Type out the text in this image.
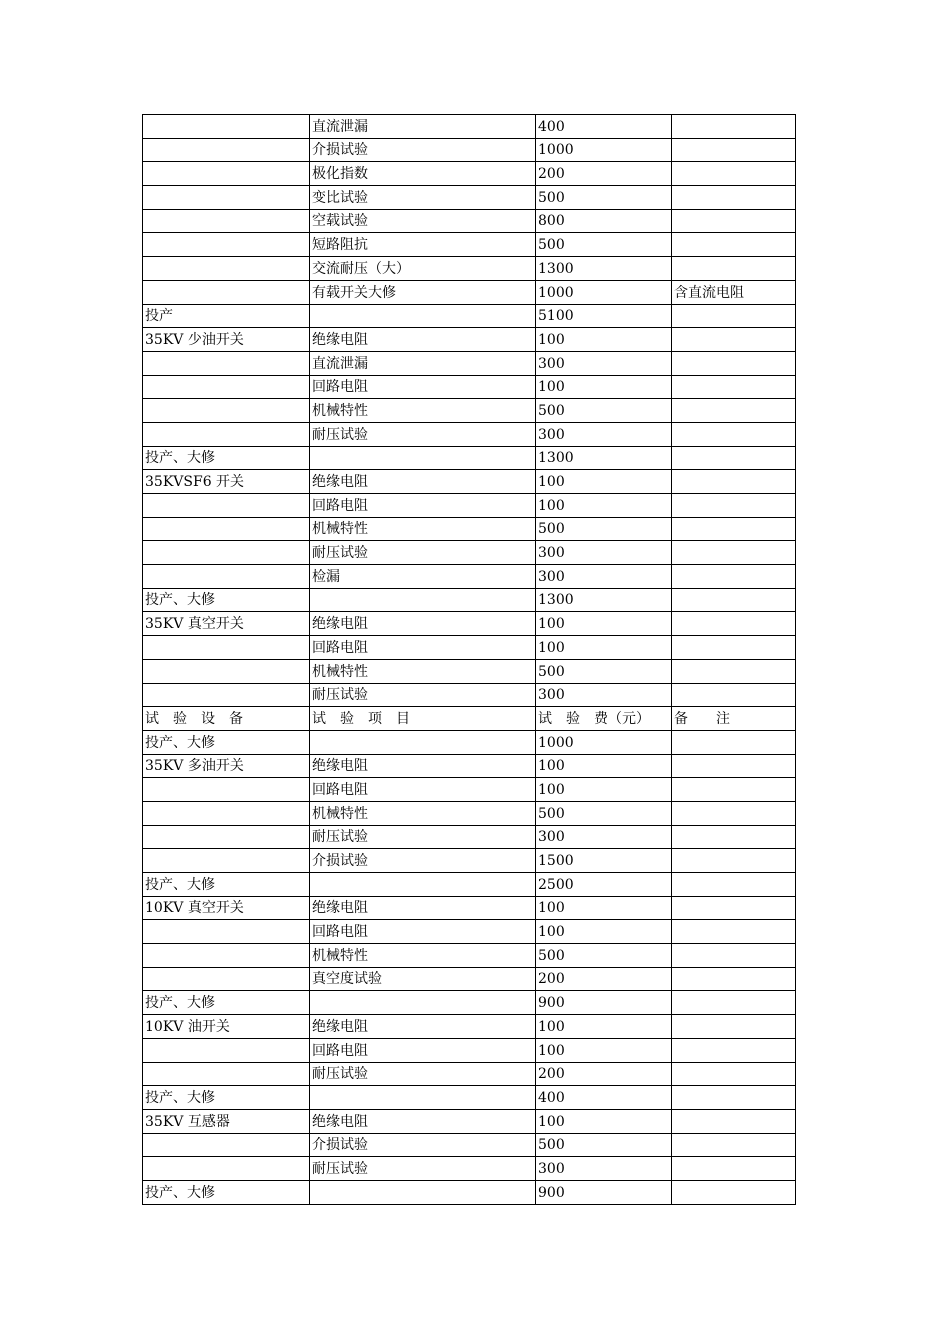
	直流泄漏	400	
	介损试验	1000	
	极化指数	200	
	变比试验	500	
	空载试验	800	
	短路阻抗	500	
	交流耐压（大）	1300	
	有载开关大修	1000	含直流电阻
投产		5100	
35KV 少油开关	绝缘电阻	100	
	直流泄漏	300	
	回路电阻	100	
	机械特性	500	
	耐压试验	300	
投产、大修		1300	
35KVSF6 开关	绝缘电阻	100	
	回路电阻	100	
	机械特性	500	
	耐压试验	300	
	检漏	300	
投产、大修		1300	
35KV 真空开关	绝缘电阻	100	
	回路电阻	100	
	机械特性	500	
	耐压试验	300	
试　验　设　备	试　验　项　目	试　验　费（元）	备　　注
投产、大修		1000	
35KV 多油开关	绝缘电阻	100	
	回路电阻	100	
	机械特性	500	
	耐压试验	300	
	介损试验	1500	
投产、大修		2500	
10KV 真空开关	绝缘电阻	100	
	回路电阻	100	
	机械特性	500	
	真空度试验	200	
投产、大修		900	
10KV 油开关	绝缘电阻	100	
	回路电阻	100	
	耐压试验	200	
投产、大修		400	
35KV 互感器	绝缘电阻	100	
	介损试验	500	
	耐压试验	300	
投产、大修		900	
